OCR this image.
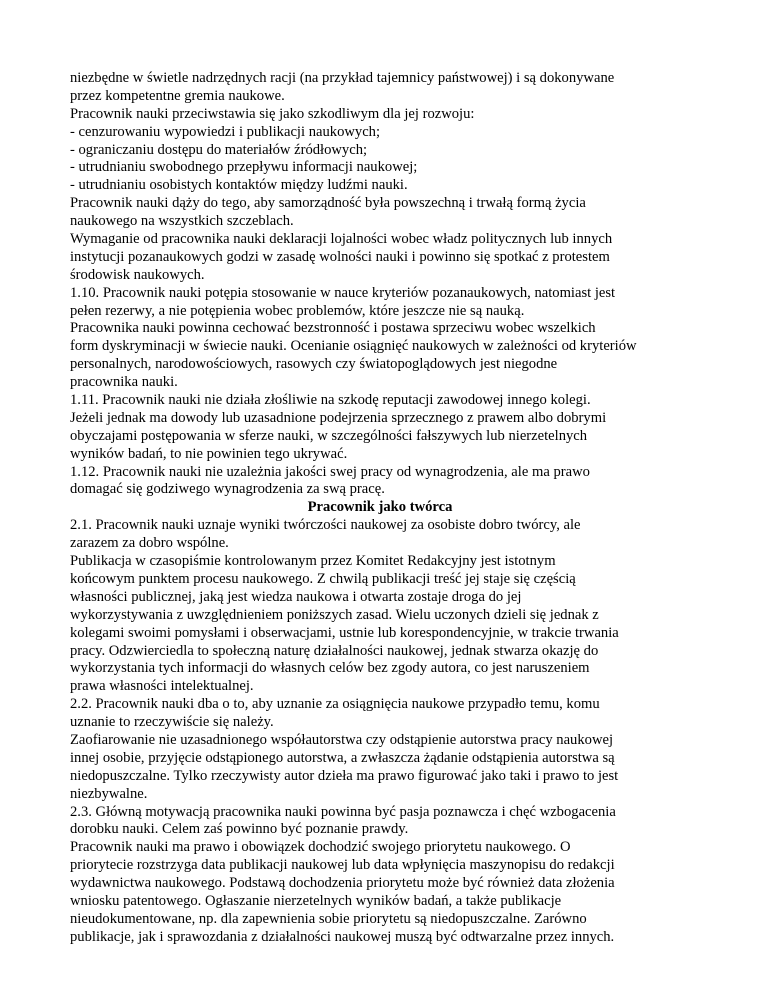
niezbędne w świetle nadrzędnych racji (na przykład tajemnicy państwowej) i są dokonywane
przez kompetentne gremia naukowe.
Pracownik nauki przeciwstawia się jako szkodliwym dla jej rozwoju:
- cenzurowaniu wypowiedzi i publikacji naukowych;
- ograniczaniu dostępu do materiałów źródłowych;
- utrudnianiu swobodnego przepływu informacji naukowej;
- utrudnianiu osobistych kontaktów między ludźmi nauki.
Pracownik nauki dąży do tego, aby samorządność była powszechną i trwałą formą życia
naukowego na wszystkich szczeblach.
Wymaganie od pracownika nauki deklaracji lojalności wobec władz politycznych lub innych
instytucji pozanaukowych godzi w zasadę wolności nauki i powinno się spotkać z protestem
środowisk naukowych.
1.10. Pracownik nauki potępia stosowanie w nauce kryteriów pozanaukowych, natomiast jest
pełen rezerwy, a nie potępienia wobec problemów, które jeszcze nie są nauką.
Pracownika nauki powinna cechować bezstronność i postawa sprzeciwu wobec wszelkich
form dyskryminacji w świecie nauki. Ocenianie osiągnięć naukowych w zależności od kryteriów
personalnych, narodowościowych, rasowych czy światopoglądowych jest niegodne
pracownika nauki.
1.11. Pracownik nauki nie działa złośliwie na szkodę reputacji zawodowej innego kolegi.
Jeżeli jednak ma dowody lub uzasadnione podejrzenia sprzecznego z prawem albo dobrymi
obyczajami postępowania w sferze nauki, w szczególności fałszywych lub nierzetelnych
wyników badań, to nie powinien tego ukrywać.
1.12. Pracownik nauki nie uzależnia jakości swej pracy od wynagrodzenia, ale ma prawo
domagać się godziwego wynagrodzenia za swą pracę.
Pracownik jako twórca
2.1. Pracownik nauki uznaje wyniki twórczości naukowej za osobiste dobro twórcy, ale
zarazem za dobro wspólne.
Publikacja w czasopiśmie kontrolowanym przez Komitet Redakcyjny jest istotnym
końcowym punktem procesu naukowego. Z chwilą publikacji treść jej staje się częścią
własności publicznej, jaką jest wiedza naukowa i otwarta zostaje droga do jej
wykorzystywania z uwzględnieniem poniższych zasad. Wielu uczonych dzieli się jednak z
kolegami swoimi pomysłami i obserwacjami, ustnie lub korespondencyjnie, w trakcie trwania
pracy. Odzwierciedla to społeczną naturę działalności naukowej, jednak stwarza okazję do
wykorzystania tych informacji do własnych celów bez zgody autora, co jest naruszeniem
prawa własności intelektualnej.
2.2. Pracownik nauki dba o to, aby uznanie za osiągnięcia naukowe przypadło temu, komu
uznanie to rzeczywiście się należy.
Zaofiarowanie nie uzasadnionego współautorstwa czy odstąpienie autorstwa pracy naukowej
innej osobie, przyjęcie odstąpionego autorstwa, a zwłaszcza żądanie odstąpienia autorstwa są
niedopuszczalne. Tylko rzeczywisty autor dzieła ma prawo figurować jako taki i prawo to jest
niezbywalne.
2.3. Główną motywacją pracownika nauki powinna być pasja poznawcza i chęć wzbogacenia
dorobku nauki. Celem zaś powinno być poznanie prawdy.
Pracownik nauki ma prawo i obowiązek dochodzić swojego priorytetu naukowego. O
priorytecie rozstrzyga data publikacji naukowej lub data wpłynięcia maszynopisu do redakcji
wydawnictwa naukowego. Podstawą dochodzenia priorytetu może być również data złożenia
wniosku patentowego. Ogłaszanie nierzetelnych wyników badań, a także publikacje
nieudokumentowane, np. dla zapewnienia sobie priorytetu są niedopuszczalne. Zarówno
publikacje, jak i sprawozdania z działalności naukowej muszą być odtwarzalne przez innych.
